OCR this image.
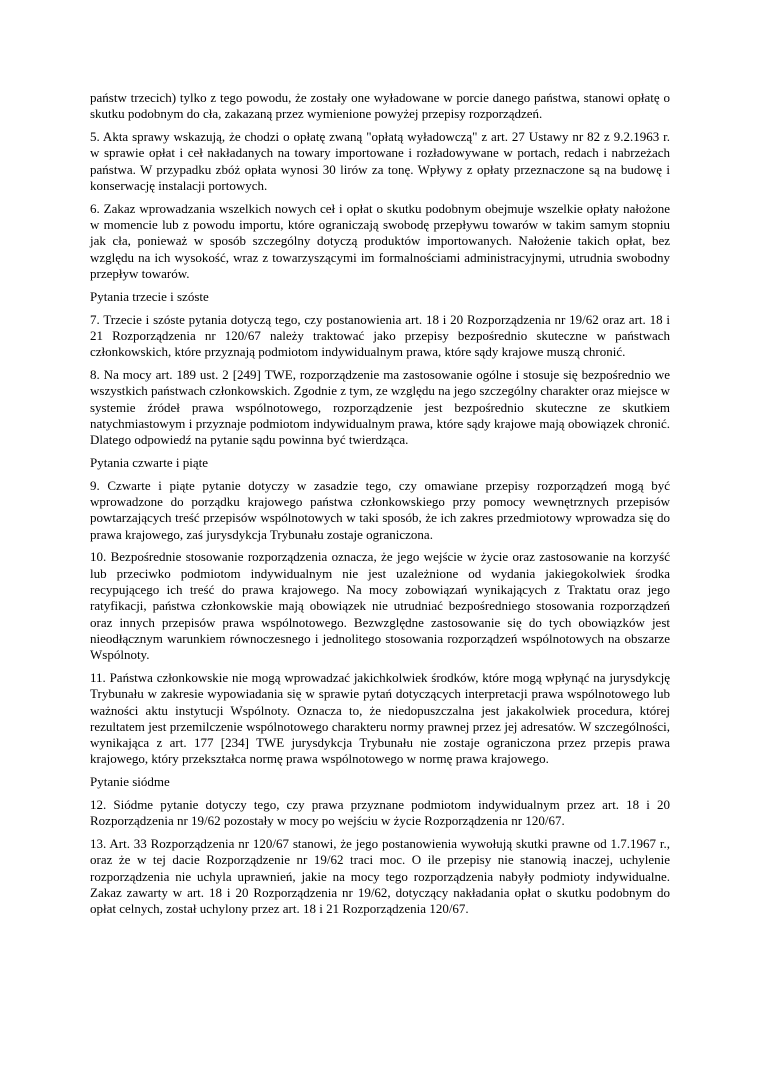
państw trzecich) tylko z tego powodu, że zostały one wyładowane w porcie danego państwa, stanowi opłatę o skutku podobnym do cła, zakazaną przez wymienione powyżej przepisy rozporządzeń.

5. Akta sprawy wskazują, że chodzi o opłatę zwaną "opłatą wyładowczą" z art. 27 Ustawy nr 82 z 9.2.1963 r. w sprawie opłat i ceł nakładanych na towary importowane i rozładowywane w portach, redach i nabrzeżach państwa. W przypadku zbóż opłata wynosi 30 lirów za tonę. Wpływy z opłaty przeznaczone są na budowę i konserwację instalacji portowych.

6. Zakaz wprowadzania wszelkich nowych ceł i opłat o skutku podobnym obejmuje wszelkie opłaty nałożone w momencie lub z powodu importu, które ograniczają swobodę przepływu towarów w takim samym stopniu jak cła, ponieważ w sposób szczególny dotyczą produktów importowanych. Nałożenie takich opłat, bez względu na ich wysokość, wraz z towarzyszącymi im formalnościami administracyjnymi, utrudnia swobodny przepływ towarów.

Pytania trzecie i szóste

7. Trzecie i szóste pytania dotyczą tego, czy postanowienia art. 18 i 20 Rozporządzenia nr 19/62 oraz art. 18 i 21 Rozporządzenia nr 120/67 należy traktować jako przepisy bezpośrednio skuteczne w państwach członkowskich, które przyznają podmiotom indywidualnym prawa, które sądy krajowe muszą chronić.

8. Na mocy art. 189 ust. 2 [249] TWE, rozporządzenie ma zastosowanie ogólne i stosuje się bezpośrednio we wszystkich państwach członkowskich. Zgodnie z tym, ze względu na jego szczególny charakter oraz miejsce w systemie źródeł prawa wspólnotowego, rozporządzenie jest bezpośrednio skuteczne ze skutkiem natychmiastowym i przyznaje podmiotom indywidualnym prawa, które sądy krajowe mają obowiązek chronić. Dlatego odpowiedź na pytanie sądu powinna być twierdząca.

Pytania czwarte i piąte

9. Czwarte i piąte pytanie dotyczy w zasadzie tego, czy omawiane przepisy rozporządzeń mogą być wprowadzone do porządku krajowego państwa członkowskiego przy pomocy wewnętrznych przepisów powtarzających treść przepisów wspólnotowych w taki sposób, że ich zakres przedmiotowy wprowadza się do prawa krajowego, zaś jurysdykcja Trybunału zostaje ograniczona.

10. Bezpośrednie stosowanie rozporządzenia oznacza, że jego wejście w życie oraz zastosowanie na korzyść lub przeciwko podmiotom indywidualnym nie jest uzależnione od wydania jakiegokolwiek środka recypującego ich treść do prawa krajowego. Na mocy zobowiązań wynikających z Traktatu oraz jego ratyfikacji, państwa członkowskie mają obowiązek nie utrudniać bezpośredniego stosowania rozporządzeń oraz innych przepisów prawa wspólnotowego. Bezwzględne zastosowanie się do tych obowiązków jest nieodłącznym warunkiem równoczesnego i jednolitego stosowania rozporządzeń wspólnotowych na obszarze Wspólnoty.

11. Państwa członkowskie nie mogą wprowadzać jakichkolwiek środków, które mogą wpłynąć na jurysdykcję Trybunału w zakresie wypowiadania się w sprawie pytań dotyczących interpretacji prawa wspólnotowego lub ważności aktu instytucji Wspólnoty. Oznacza to, że niedopuszczalna jest jakakolwiek procedura, której rezultatem jest przemilczenie wspólnotowego charakteru normy prawnej przez jej adresatów. W szczególności, wynikająca z art. 177 [234] TWE jurysdykcja Trybunału nie zostaje ograniczona przez przepis prawa krajowego, który przekształca normę prawa wspólnotowego w normę prawa krajowego.

Pytanie siódme

12. Siódme pytanie dotyczy tego, czy prawa przyznane podmiotom indywidualnym przez art. 18 i 20 Rozporządzenia nr 19/62 pozostały w mocy po wejściu w życie Rozporządzenia nr 120/67.

13. Art. 33 Rozporządzenia nr 120/67 stanowi, że jego postanowienia wywołują skutki prawne od 1.7.1967 r., oraz że w tej dacie Rozporządzenie nr 19/62 traci moc. O ile przepisy nie stanowią inaczej, uchylenie rozporządzenia nie uchyla uprawnień, jakie na mocy tego rozporządzenia nabyły podmioty indywidualne. Zakaz zawarty w art. 18 i 20 Rozporządzenia nr 19/62, dotyczący nakładania opłat o skutku podobnym do opłat celnych, został uchylony przez art. 18 i 21 Rozporządzenia 120/67.
